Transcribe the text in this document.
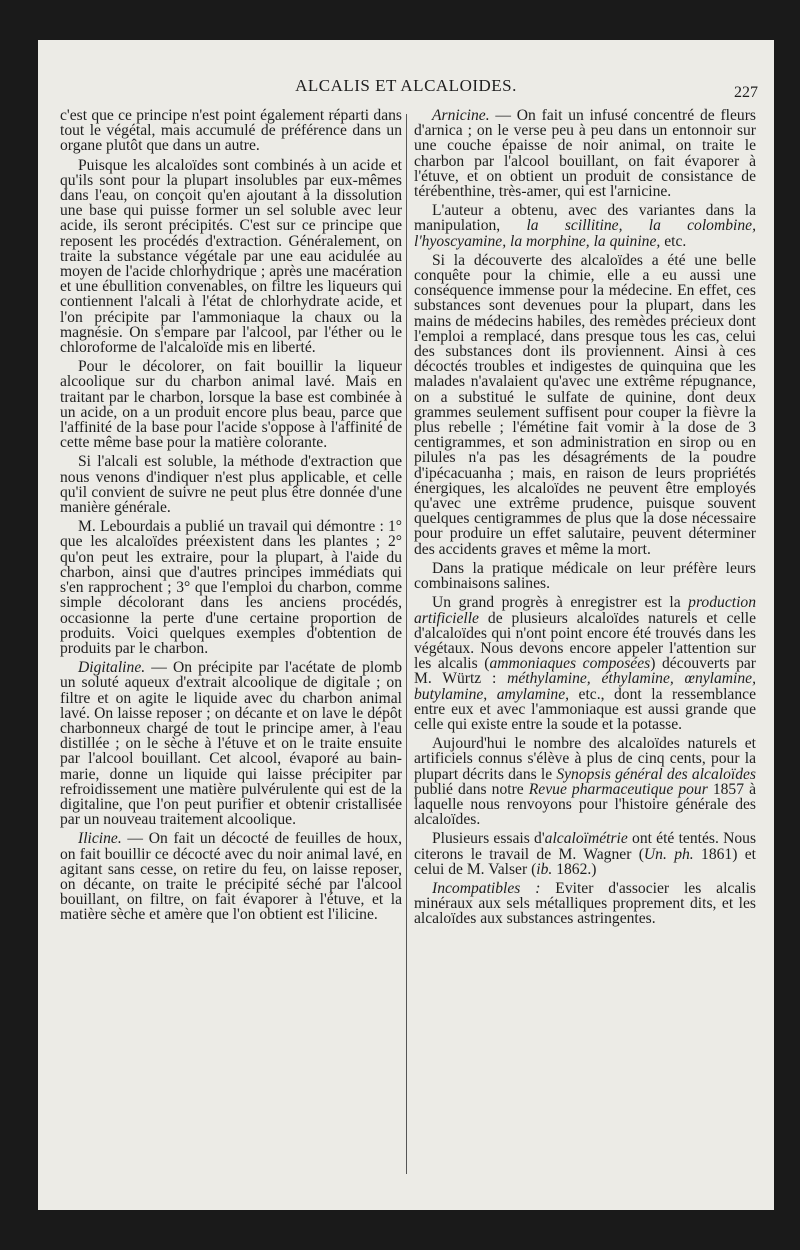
ALCALIS ET ALCALOIDES.	227

c'est que ce principe n'est point également réparti dans tout le végétal, mais accumulé de préférence dans un organe plutôt que dans un autre.

Puisque les alcaloïdes sont combinés à un acide et qu'ils sont pour la plupart insolubles par eux-mêmes dans l'eau, on conçoit qu'en ajoutant à la dissolution une base qui puisse former un sel soluble avec leur acide, ils seront précipités. C'est sur ce principe que reposent les procédés d'extraction. Généralement, on traite la substance végétale par une eau acidulée au moyen de l'acide chlorhydrique ; après une macération et une ébullition convenables, on filtre les liqueurs qui contiennent l'alcali à l'état de chlorhydrate acide, et l'on précipite par l'ammoniaque la chaux ou la magnésie. On s'empare par l'alcool, par l'éther ou le chloroforme de l'alcaloïde mis en liberté.

Pour le décolorer, on fait bouillir la liqueur alcoolique sur du charbon animal lavé. Mais en traitant par le charbon, lorsque la base est combinée à un acide, on a un produit encore plus beau, parce que l'affinité de la base pour l'acide s'oppose à l'affinité de cette même base pour la matière colorante.

Si l'alcali est soluble, la méthode d'extraction que nous venons d'indiquer n'est plus applicable, et celle qu'il convient de suivre ne peut plus être donnée d'une manière générale.

M. Lebourdais a publié un travail qui démontre : 1° que les alcaloïdes préexistent dans les plantes ; 2° qu'on peut les extraire, pour la plupart, à l'aide du charbon, ainsi que d'autres principes immédiats qui s'en rapprochent ; 3° que l'emploi du charbon, comme simple décolorant dans les anciens procédés, occasionne la perte d'une certaine proportion de produits. Voici quelques exemples d'obtention de produits par le charbon.

Digitaline. — On précipite par l'acétate de plomb un soluté aqueux d'extrait alcoolique de digitale ; on filtre et on agite le liquide avec du charbon animal lavé. On laisse reposer ; on décante et on lave le dépôt charbonneux chargé de tout le principe amer, à l'eau distillée ; on le sèche à l'étuve et on le traite ensuite par l'alcool bouillant. Cet alcool, évaporé au bain-marie, donne un liquide qui laisse précipiter par refroidissement une matière pulvérulente qui est de la digitaline, que l'on peut purifier et obtenir cristallisée par un nouveau traitement alcoolique.

Ilicine. — On fait un décocté de feuilles de houx, on fait bouillir ce décocté avec du noir animal lavé, en agitant sans cesse, on retire du feu, on laisse reposer, on décante, on traite le précipité séché par l'alcool bouillant, on filtre, on fait évaporer à l'étuve, et la matière sèche et amère que l'on obtient est l'ilicine.

Arnicine. — On fait un infusé concentré de fleurs d'arnica ; on le verse peu à peu dans un entonnoir sur une couche épaisse de noir animal, on traite le charbon par l'alcool bouillant, on fait évaporer à l'étuve, et on obtient un produit de consistance de térébenthine, très-amer, qui est l'arnicine.

L'auteur a obtenu, avec des variantes dans la manipulation, la scillitine, la colombine, l'hyoscyamine, la morphine, la quinine, etc.

Si la découverte des alcaloïdes a été une belle conquête pour la chimie, elle a eu aussi une conséquence immense pour la médecine. En effet, ces substances sont devenues pour la plupart, dans les mains de médecins habiles, des remèdes précieux dont l'emploi a remplacé, dans presque tous les cas, celui des substances dont ils proviennent. Ainsi à ces décoctés troubles et indigestes de quinquina que les malades n'avalaient qu'avec une extrême répugnance, on a substitué le sulfate de quinine, dont deux grammes seulement suffisent pour couper la fièvre la plus rebelle ; l'émétine fait vomir à la dose de 3 centigrammes, et son administration en sirop ou en pilules n'a pas les désagréments de la poudre d'ipécacuanha ; mais, en raison de leurs propriétés énergiques, les alcaloïdes ne peuvent être employés qu'avec une extrême prudence, puisque souvent quelques centigrammes de plus que la dose nécessaire pour produire un effet salutaire, peuvent déterminer des accidents graves et même la mort.

Dans la pratique médicale on leur préfère leurs combinaisons salines.

Un grand progrès à enregistrer est la production artificielle de plusieurs alcaloïdes naturels et celle d'alcaloïdes qui n'ont point encore été trouvés dans les végétaux. Nous devons encore appeler l'attention sur les alcalis (ammoniaques composées) découverts par M. Würtz : méthylamine, éthylamine, œnylamine, butylamine, amylamine, etc., dont la ressemblance entre eux et avec l'ammoniaque est aussi grande que celle qui existe entre la soude et la potasse.

Aujourd'hui le nombre des alcaloïdes naturels et artificiels connus s'élève à plus de cinq cents, pour la plupart décrits dans le Synopsis général des alcaloïdes publié dans notre Revue pharmaceutique pour 1857 à laquelle nous renvoyons pour l'histoire générale des alcaloïdes.

Plusieurs essais d'alcaloïmétrie ont été tentés. Nous citerons le travail de M. Wagner (Un. ph. 1861) et celui de M. Valser (ib. 1862.)

Incompatibles : Eviter d'associer les alcalis minéraux aux sels métalliques proprement dits, et les alcaloïdes aux substances astringentes.
